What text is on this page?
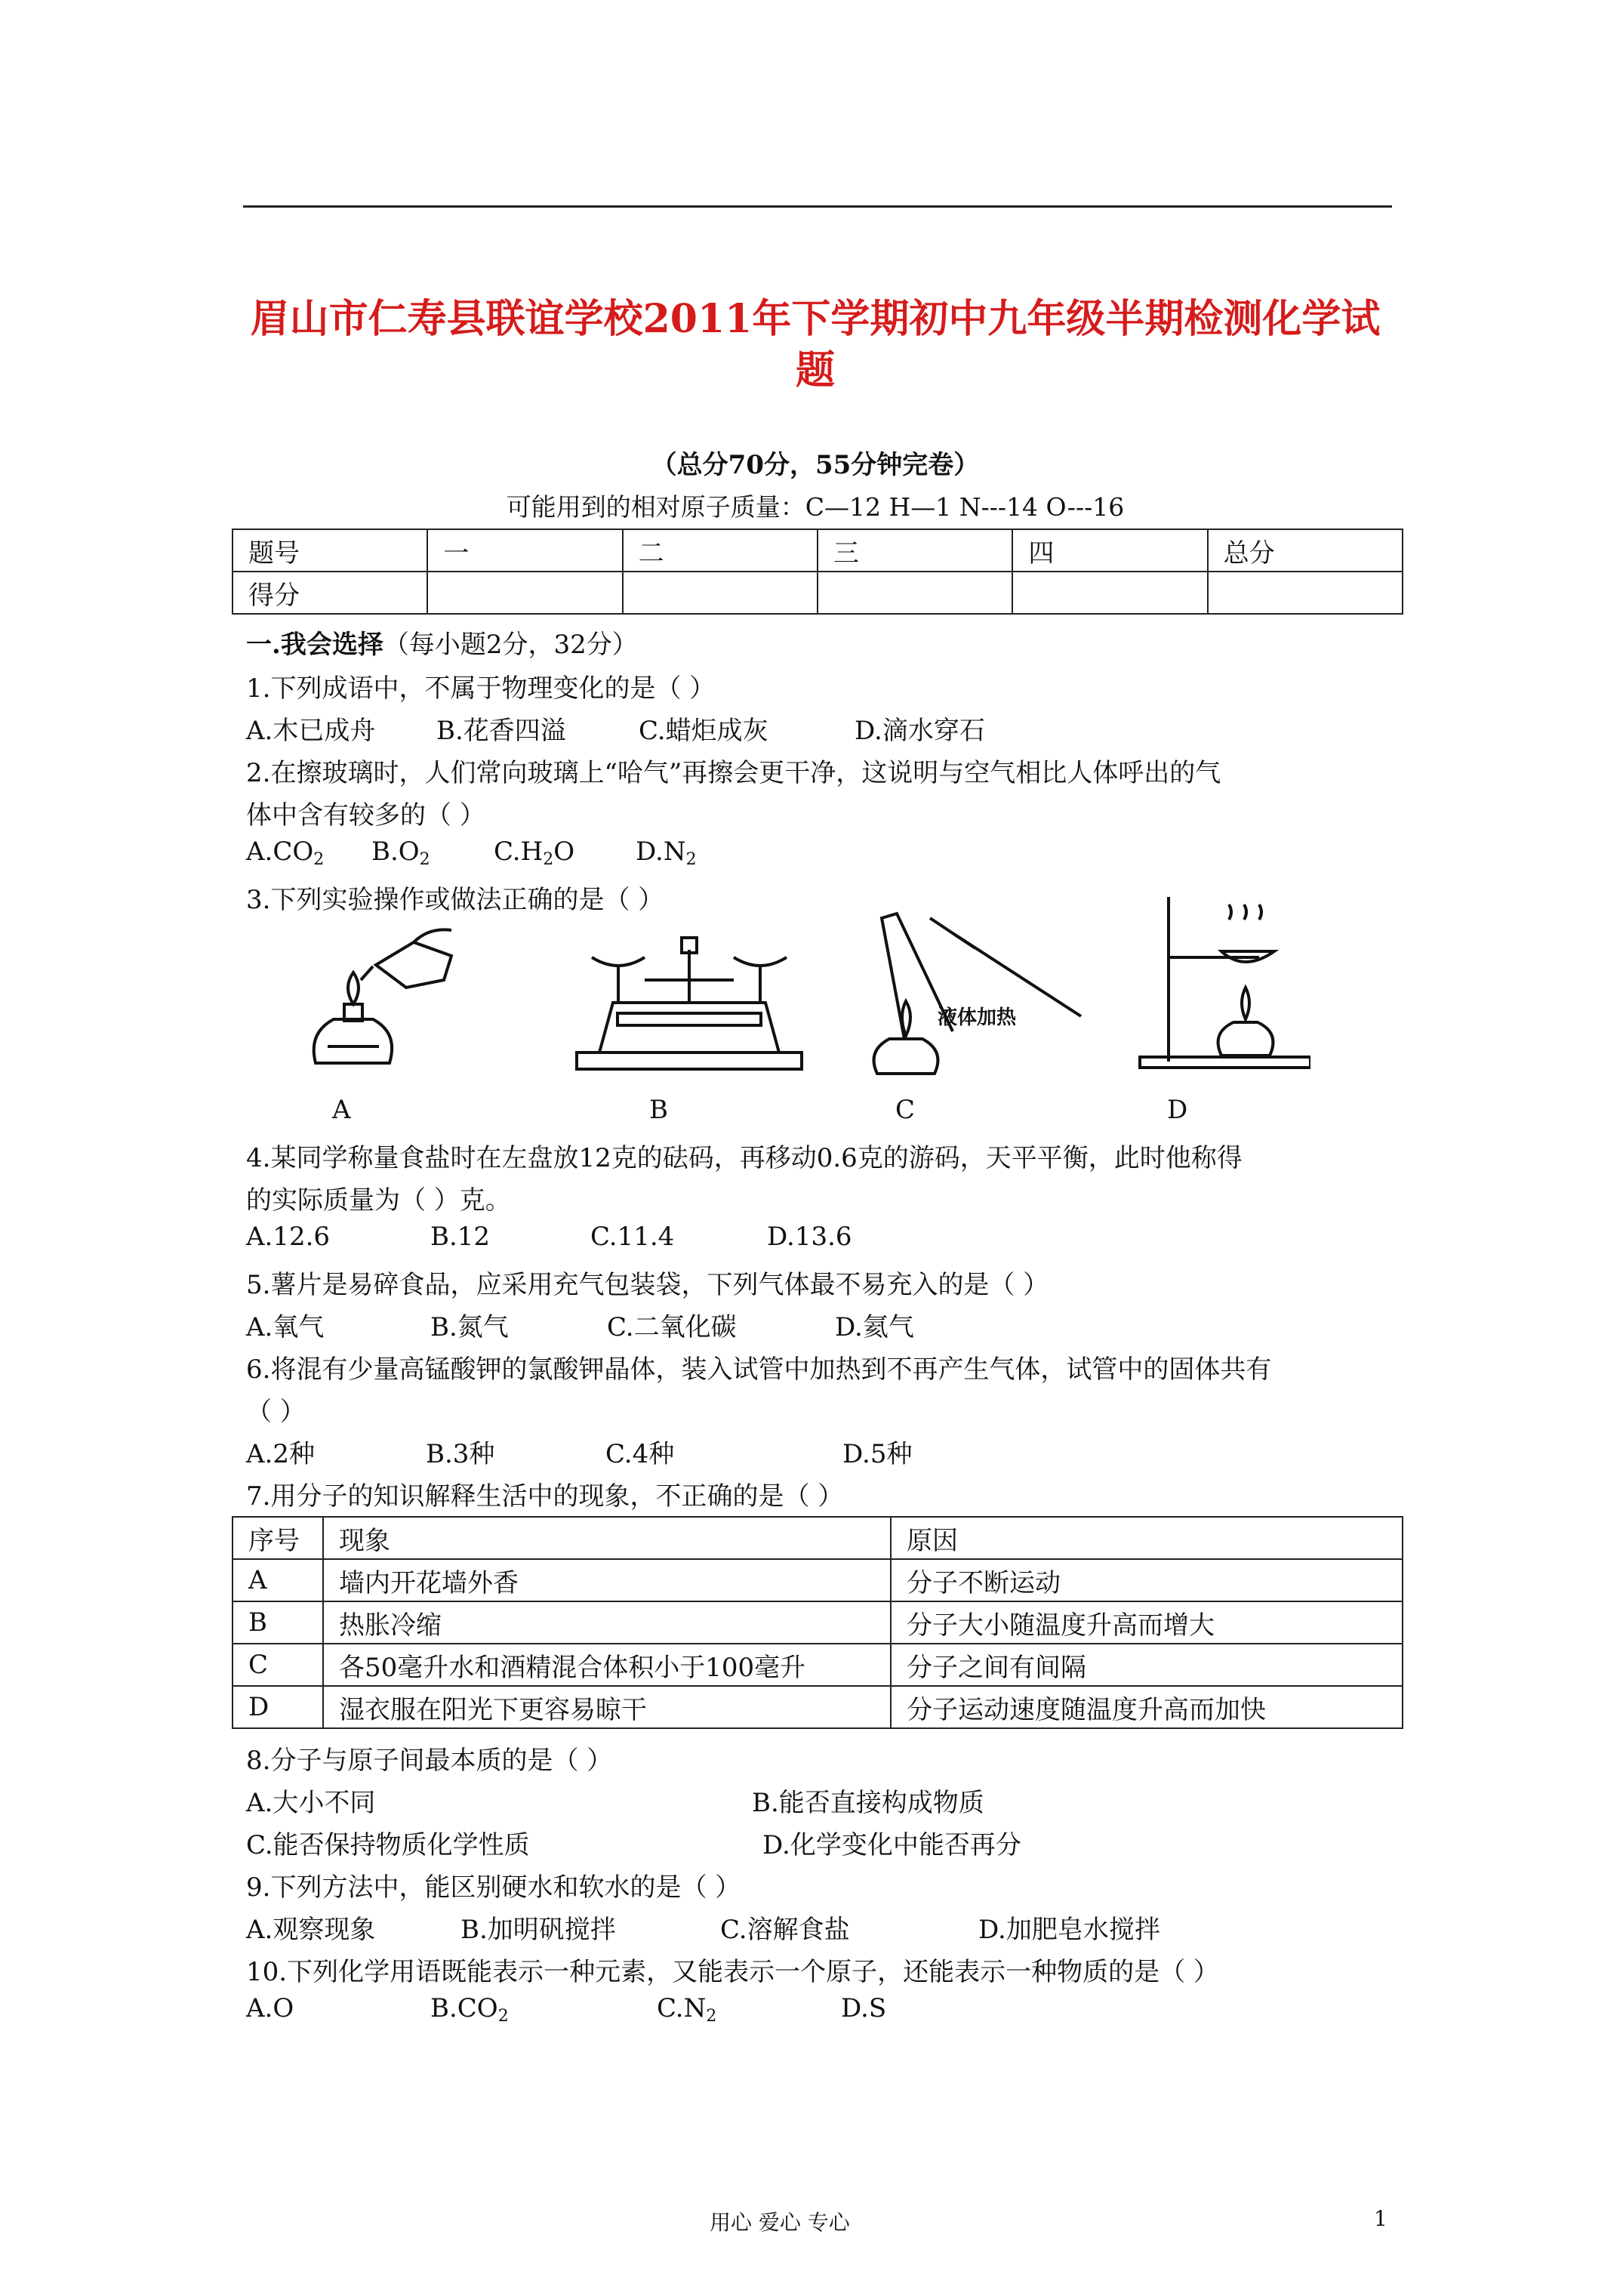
眉山市仁寿县联谊学校2011年下学期初中九年级半期检测化学试
题
（总分70分，55分钟完卷）
可能用到的相对原子质量：C—12 H—1 N---14 O---16
题号	一	二	三	四	总分
得分					
一.我会选择（每小题2分，32分）
1.下列成语中，不属于物理变化的是（ ）
A.木已成舟 B.花香四溢	C.蜡炬成灰	D.滴水穿石
2.在擦玻璃时，人们常向玻璃上“哈气”再擦会更干净，这说明与空气相比人体呼出的气
体中含有较多的（ ）
$A.CO_2$ $B.O_2$ $C.H_2O$ $D.N_2$
3.下列实验操作或做法正确的是（ ）
液体加热
A	B	C	D
4.某同学称量食盐时在左盘放12克的砝码，再移动0.6克的游码，天平平衡，此时他称得
的实际质量为（ ）克。
A.12.6	B.12	C.11.4	D.13.6
5.薯片是易碎食品，应采用充气包装袋，下列气体最不易充入的是（ ）
A.氧气	B.氮气	C.二氧化碳	D.氦气
6.将混有少量高锰酸钾的氯酸钾晶体，装入试管中加热到不再产生气体，试管中的固体共有
（ ）
A.2种	B.3种	C.4种	D.5种
7.用分子的知识解释生活中的现象，不正确的是（ ）
序号	现象	原因
A	墙内开花墙外香	分子不断运动
B	热胀冷缩	分子大小随温度升高而增大
C	各50毫升水和酒精混合体积小于100毫升	分子之间有间隔
D	湿衣服在阳光下更容易晾干	分子运动速度随温度升高而加快
8.分子与原子间最本质的是（ ）
A.大小不同	B.能否直接构成物质
C.能否保持物质化学性质	D.化学变化中能否再分
9.下列方法中，能区别硬水和软水的是（ ）
A.观察现象	B.加明矾搅拌	C.溶解食盐	D.加肥皂水搅拌
10.下列化学用语既能表示一种元素，又能表示一个原子，还能表示一种物质的是（ ）
A.O	$B.CO_2$	$C.N_2$	D.S
用心 爱心 专心	1
